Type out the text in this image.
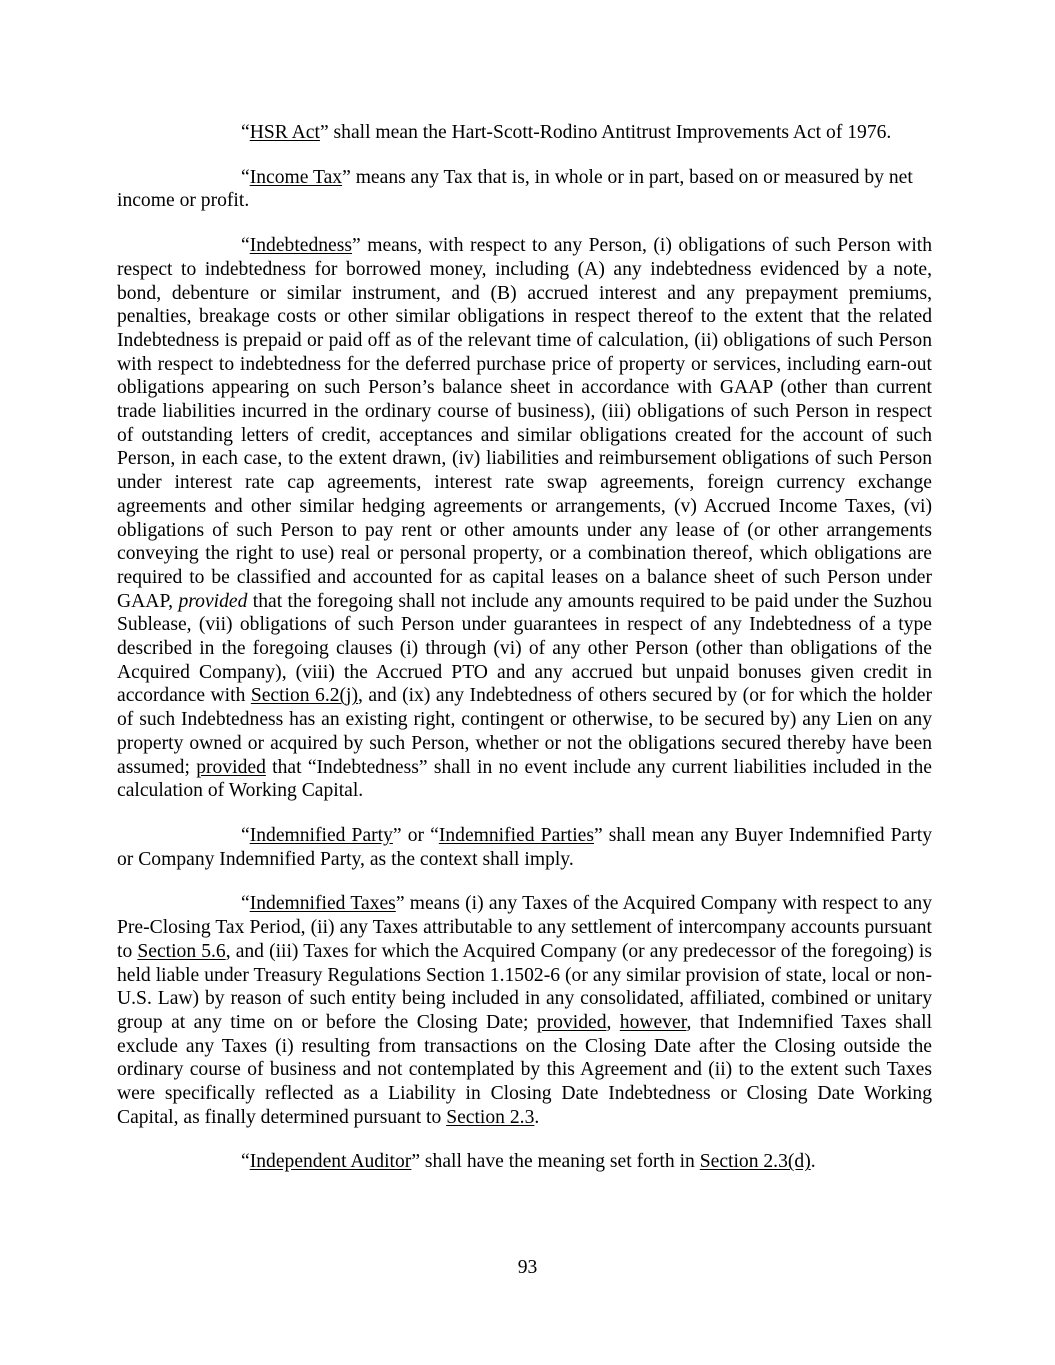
“HSR Act” shall mean the Hart-Scott-Rodino Antitrust Improvements Act of 1976.

“Income Tax” means any Tax that is, in whole or in part, based on or measured by net income or profit.

“Indebtedness” means, with respect to any Person, (i) obligations of such Person with respect to indebtedness for borrowed money, including (A) any indebtedness evidenced by a note, bond, debenture or similar instrument, and (B) accrued interest and any prepayment premiums, penalties, breakage costs or other similar obligations in respect thereof to the extent that the related Indebtedness is prepaid or paid off as of the relevant time of calculation, (ii) obligations of such Person with respect to indebtedness for the deferred purchase price of property or services, including earn-out obligations appearing on such Person’s balance sheet in accordance with GAAP (other than current trade liabilities incurred in the ordinary course of business), (iii) obligations of such Person in respect of outstanding letters of credit, acceptances and similar obligations created for the account of such Person, in each case, to the extent drawn, (iv) liabilities and reimbursement obligations of such Person under interest rate cap agreements, interest rate swap agreements, foreign currency exchange agreements and other similar hedging agreements or arrangements, (v) Accrued Income Taxes, (vi) obligations of such Person to pay rent or other amounts under any lease of (or other arrangements conveying the right to use) real or personal property, or a combination thereof, which obligations are required to be classified and accounted for as capital leases on a balance sheet of such Person under GAAP, provided that the foregoing shall not include any amounts required to be paid under the Suzhou Sublease, (vii) obligations of such Person under guarantees in respect of any Indebtedness of a type described in the foregoing clauses (i) through (vi) of any other Person (other than obligations of the Acquired Company), (viii) the Accrued PTO and any accrued but unpaid bonuses given credit in accordance with Section 6.2(j), and (ix) any Indebtedness of others secured by (or for which the holder of such Indebtedness has an existing right, contingent or otherwise, to be secured by) any Lien on any property owned or acquired by such Person, whether or not the obligations secured thereby have been assumed; provided that “Indebtedness” shall in no event include any current liabilities included in the calculation of Working Capital.

“Indemnified Party” or “Indemnified Parties” shall mean any Buyer Indemnified Party or Company Indemnified Party, as the context shall imply.

“Indemnified Taxes” means (i) any Taxes of the Acquired Company with respect to any Pre-Closing Tax Period, (ii) any Taxes attributable to any settlement of intercompany accounts pursuant to Section 5.6, and (iii) Taxes for which the Acquired Company (or any predecessor of the foregoing) is held liable under Treasury Regulations Section 1.1502-6 (or any similar provision of state, local or non-U.S. Law) by reason of such entity being included in any consolidated, affiliated, combined or unitary group at any time on or before the Closing Date; provided, however, that Indemnified Taxes shall exclude any Taxes (i) resulting from transactions on the Closing Date after the Closing outside the ordinary course of business and not contemplated by this Agreement and (ii) to the extent such Taxes were specifically reflected as a Liability in Closing Date Indebtedness or Closing Date Working Capital, as finally determined pursuant to Section 2.3.

“Independent Auditor” shall have the meaning set forth in Section 2.3(d).

93
